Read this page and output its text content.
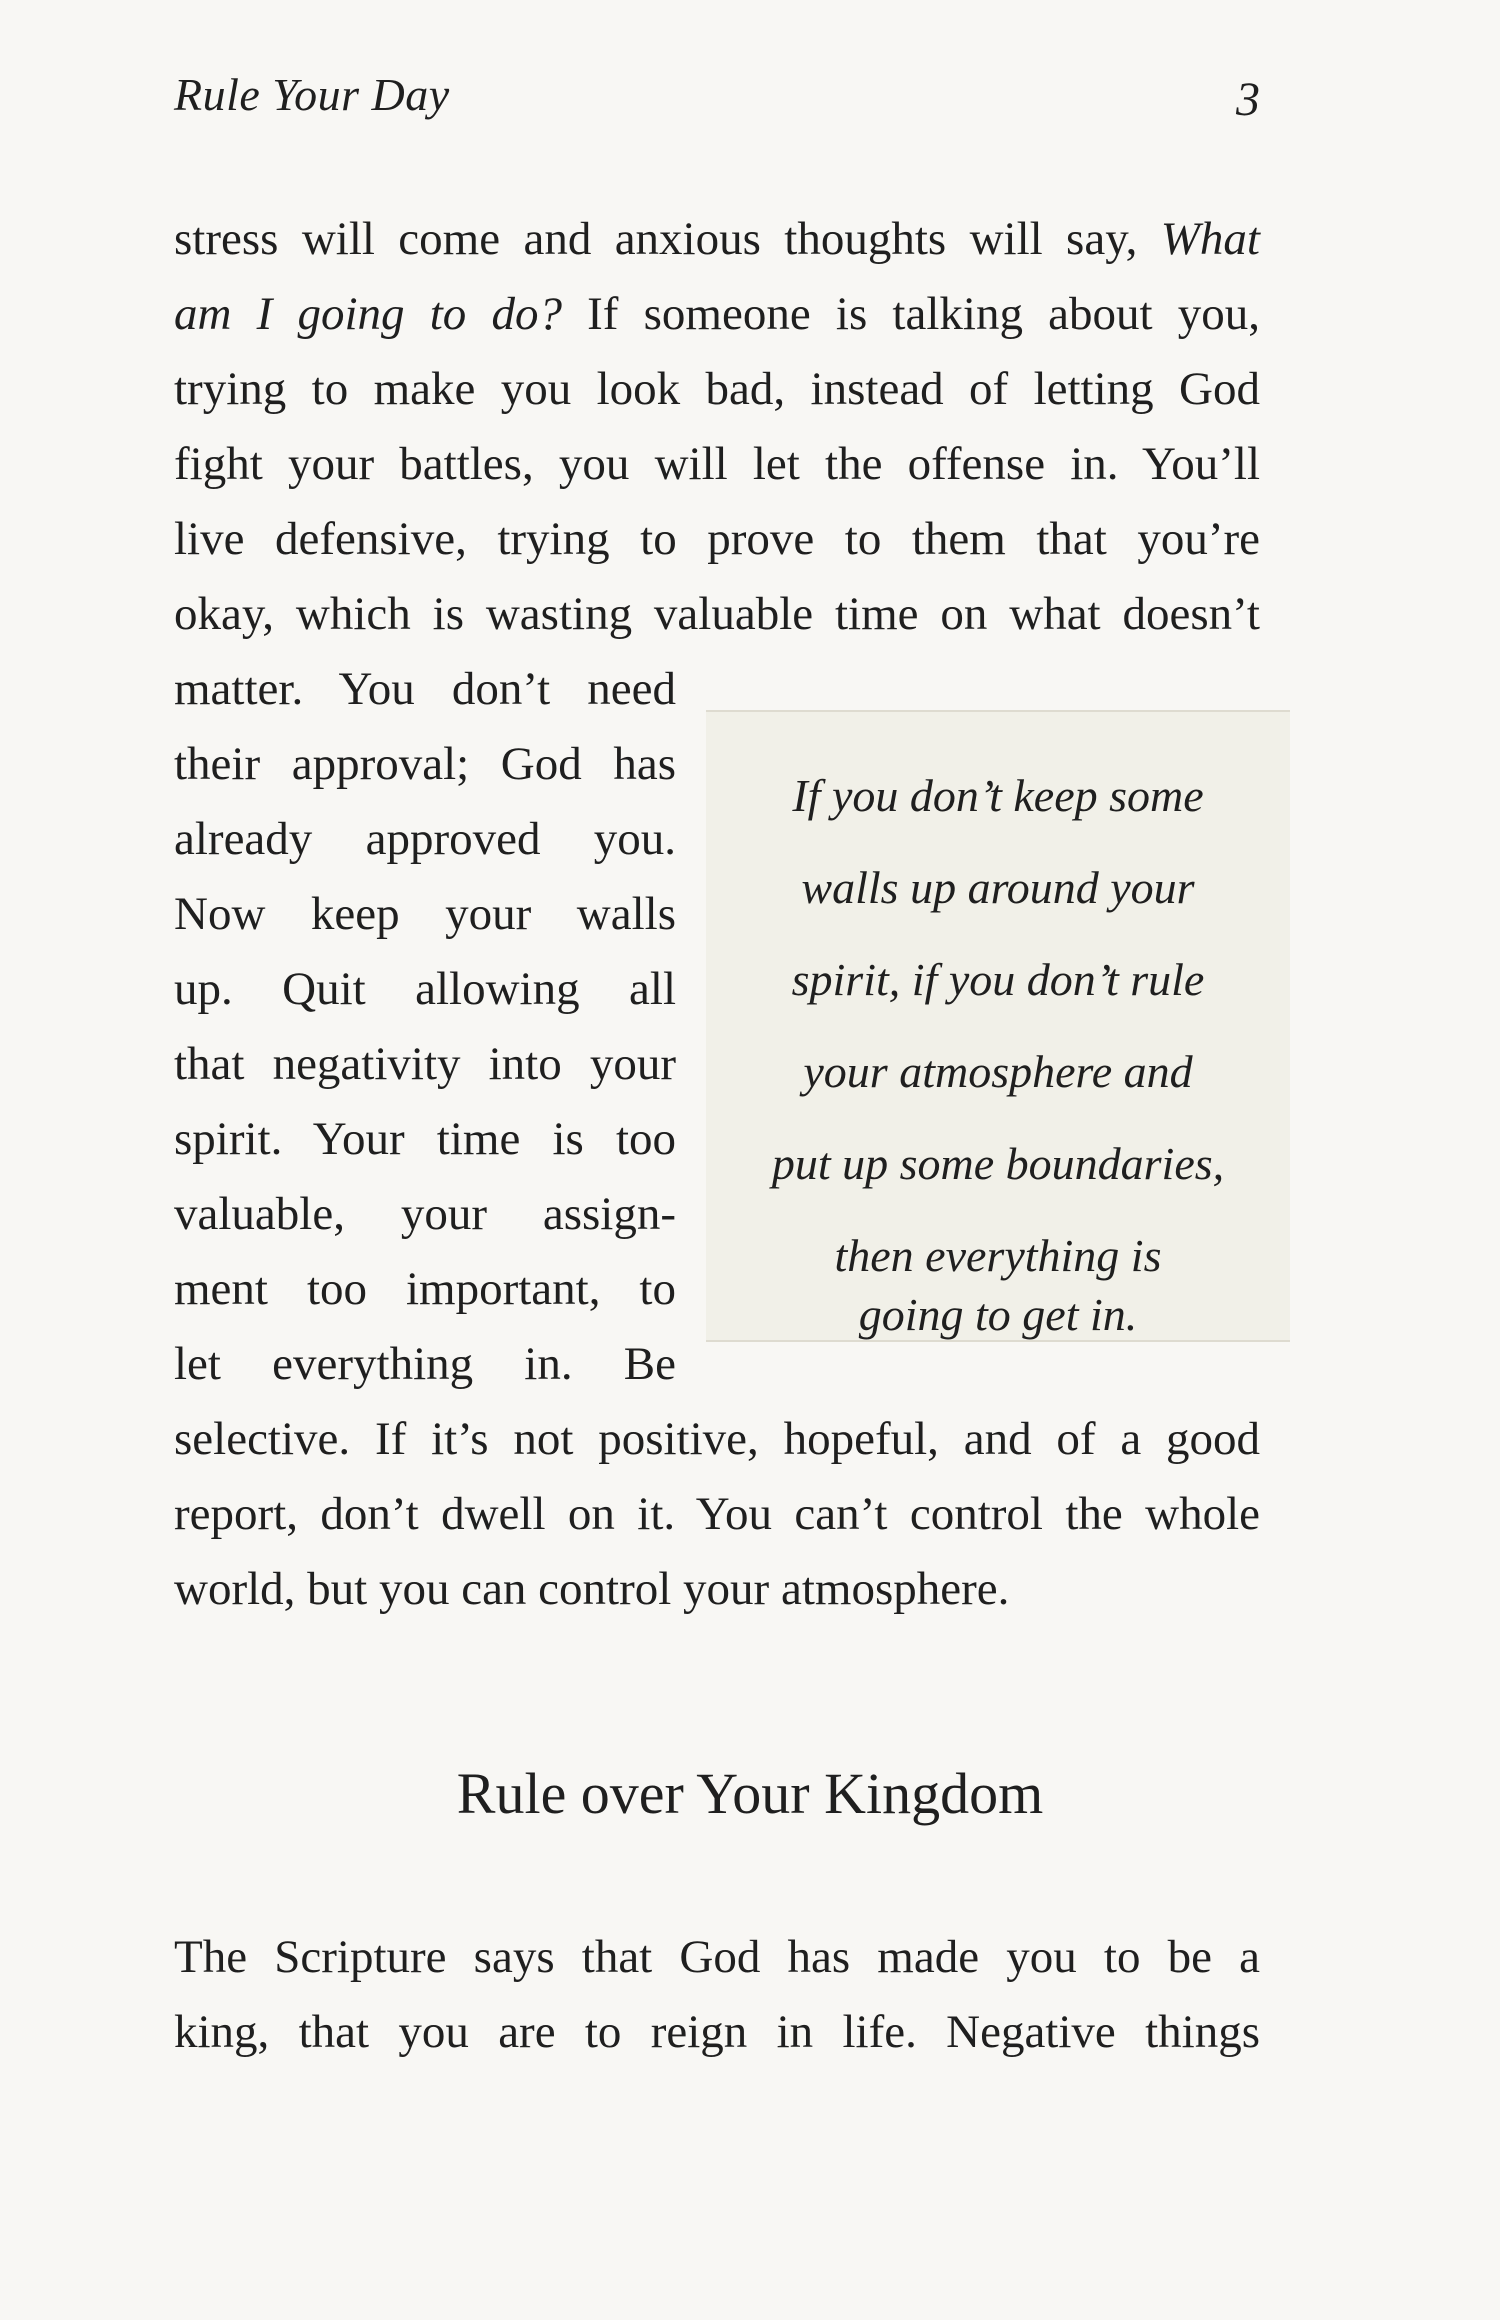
Rule Your Day	3
stress will come and anxious thoughts will say, What
am I going to do? If someone is talking about you,
trying to make you look bad, instead of letting God
fight your battles, you will let the offense in. You’ll
live defensive, trying to prove to them that you’re
okay, which is wasting valuable time on what doesn’t
matter. You don’t need
their approval; God has
already approved you.
Now keep your walls
up. Quit allowing all
that negativity into your
spirit. Your time is too
valuable, your assign-
ment too important, to
let everything in. Be
selective. If it’s not positive, hopeful, and of a good
report, don’t dwell on it. You can’t control the whole
world, but you can control your atmosphere.
If you don’t keep some
walls up around your
spirit, if you don’t rule
your atmosphere and
put up some boundaries,
then everything is
going to get in.
Rule over Your Kingdom
The Scripture says that God has made you to be a
king, that you are to reign in life. Negative things
